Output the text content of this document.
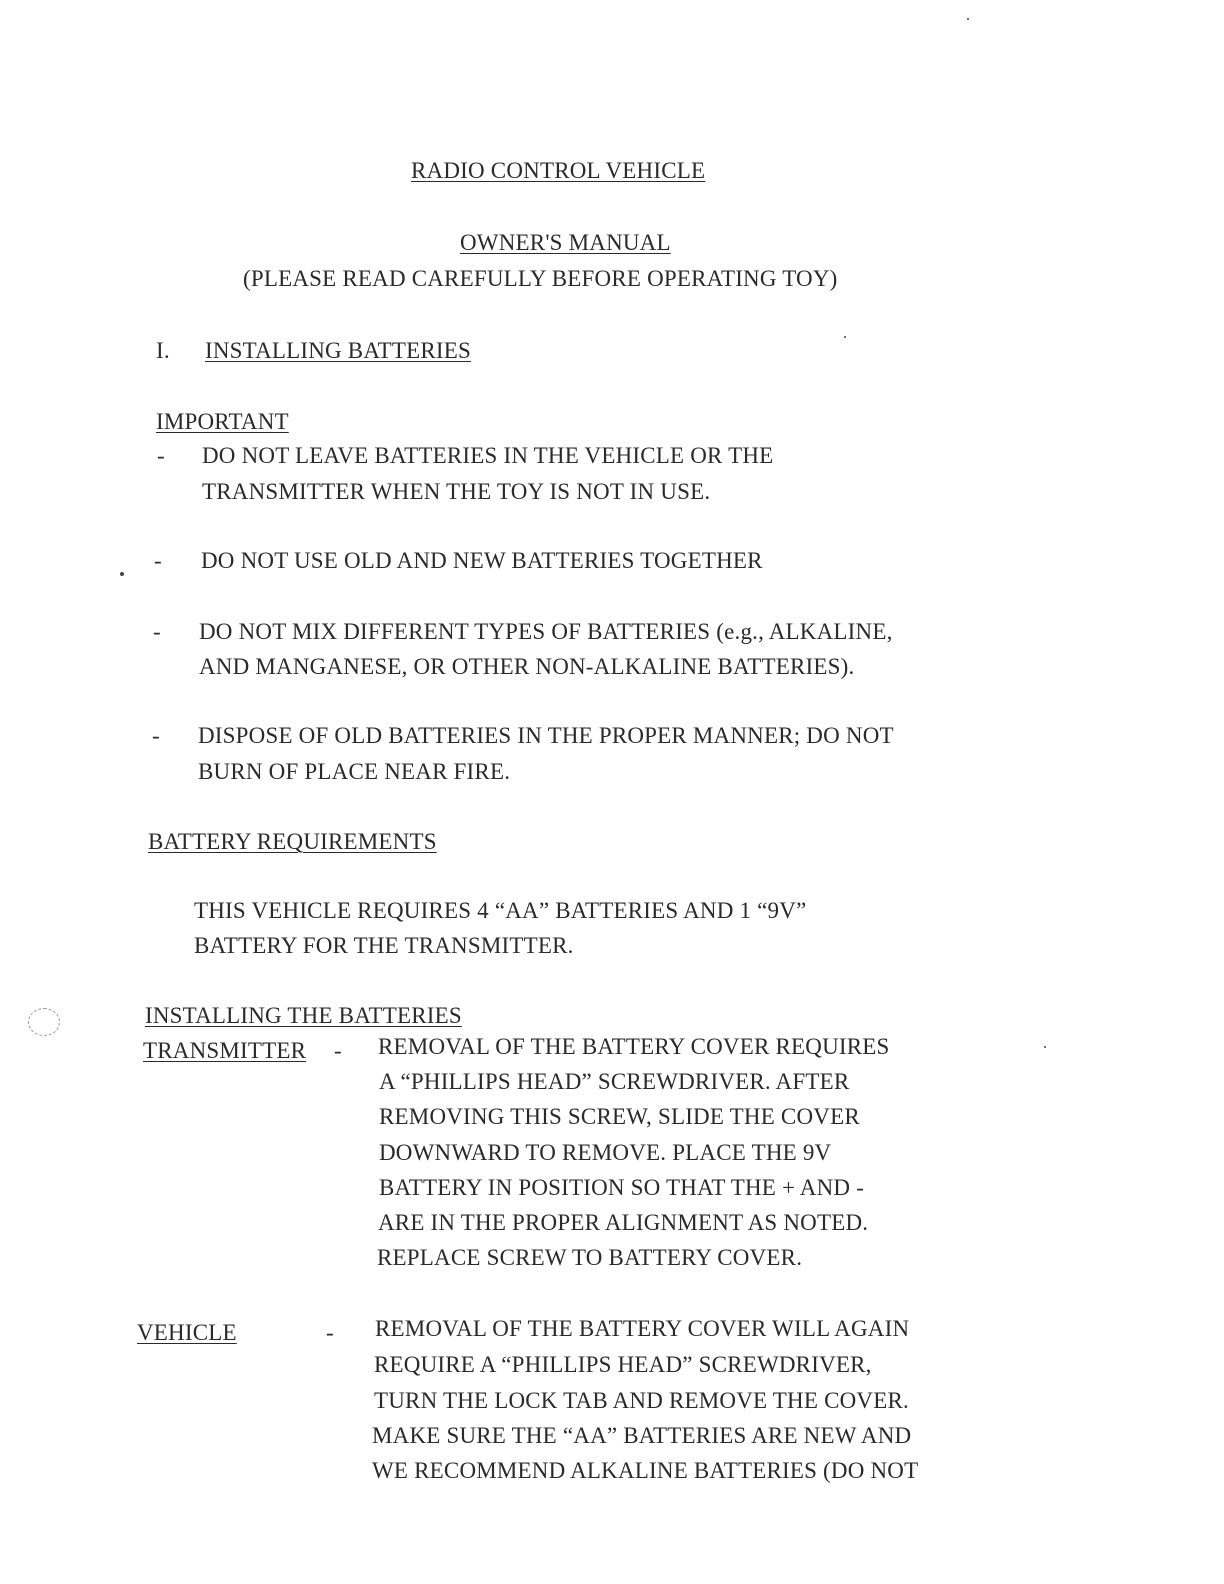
RADIO CONTROL VEHICLE
OWNER'S MANUAL
(PLEASE READ CAREFULLY BEFORE OPERATING TOY)
I. INSTALLING BATTERIES
IMPORTANT
- DO NOT LEAVE BATTERIES IN THE VEHICLE OR THE
TRANSMITTER WHEN THE TOY IS NOT IN USE.
- DO NOT USE OLD AND NEW BATTERIES TOGETHER
- DO NOT MIX DIFFERENT TYPES OF BATTERIES (e.g., ALKALINE,
AND MANGANESE, OR OTHER NON-ALKALINE BATTERIES).
- DISPOSE OF OLD BATTERIES IN THE PROPER MANNER; DO NOT
BURN OF PLACE NEAR FIRE.
BATTERY REQUIREMENTS
THIS VEHICLE REQUIRES 4 “AA” BATTERIES AND 1 “9V”
BATTERY FOR THE TRANSMITTER.
INSTALLING THE BATTERIES
TRANSMITTER - REMOVAL OF THE BATTERY COVER REQUIRES
A “PHILLIPS HEAD” SCREWDRIVER. AFTER
REMOVING THIS SCREW, SLIDE THE COVER
DOWNWARD TO REMOVE. PLACE THE 9V
BATTERY IN POSITION SO THAT THE + AND -
ARE IN THE PROPER ALIGNMENT AS NOTED.
REPLACE SCREW TO BATTERY COVER.
VEHICLE	- REMOVAL OF THE BATTERY COVER WILL AGAIN
REQUIRE A “PHILLIPS HEAD” SCREWDRIVER,
TURN THE LOCK TAB AND REMOVE THE COVER.
MAKE SURE THE “AA” BATTERIES ARE NEW AND
WE RECOMMEND ALKALINE BATTERIES (DO NOT
